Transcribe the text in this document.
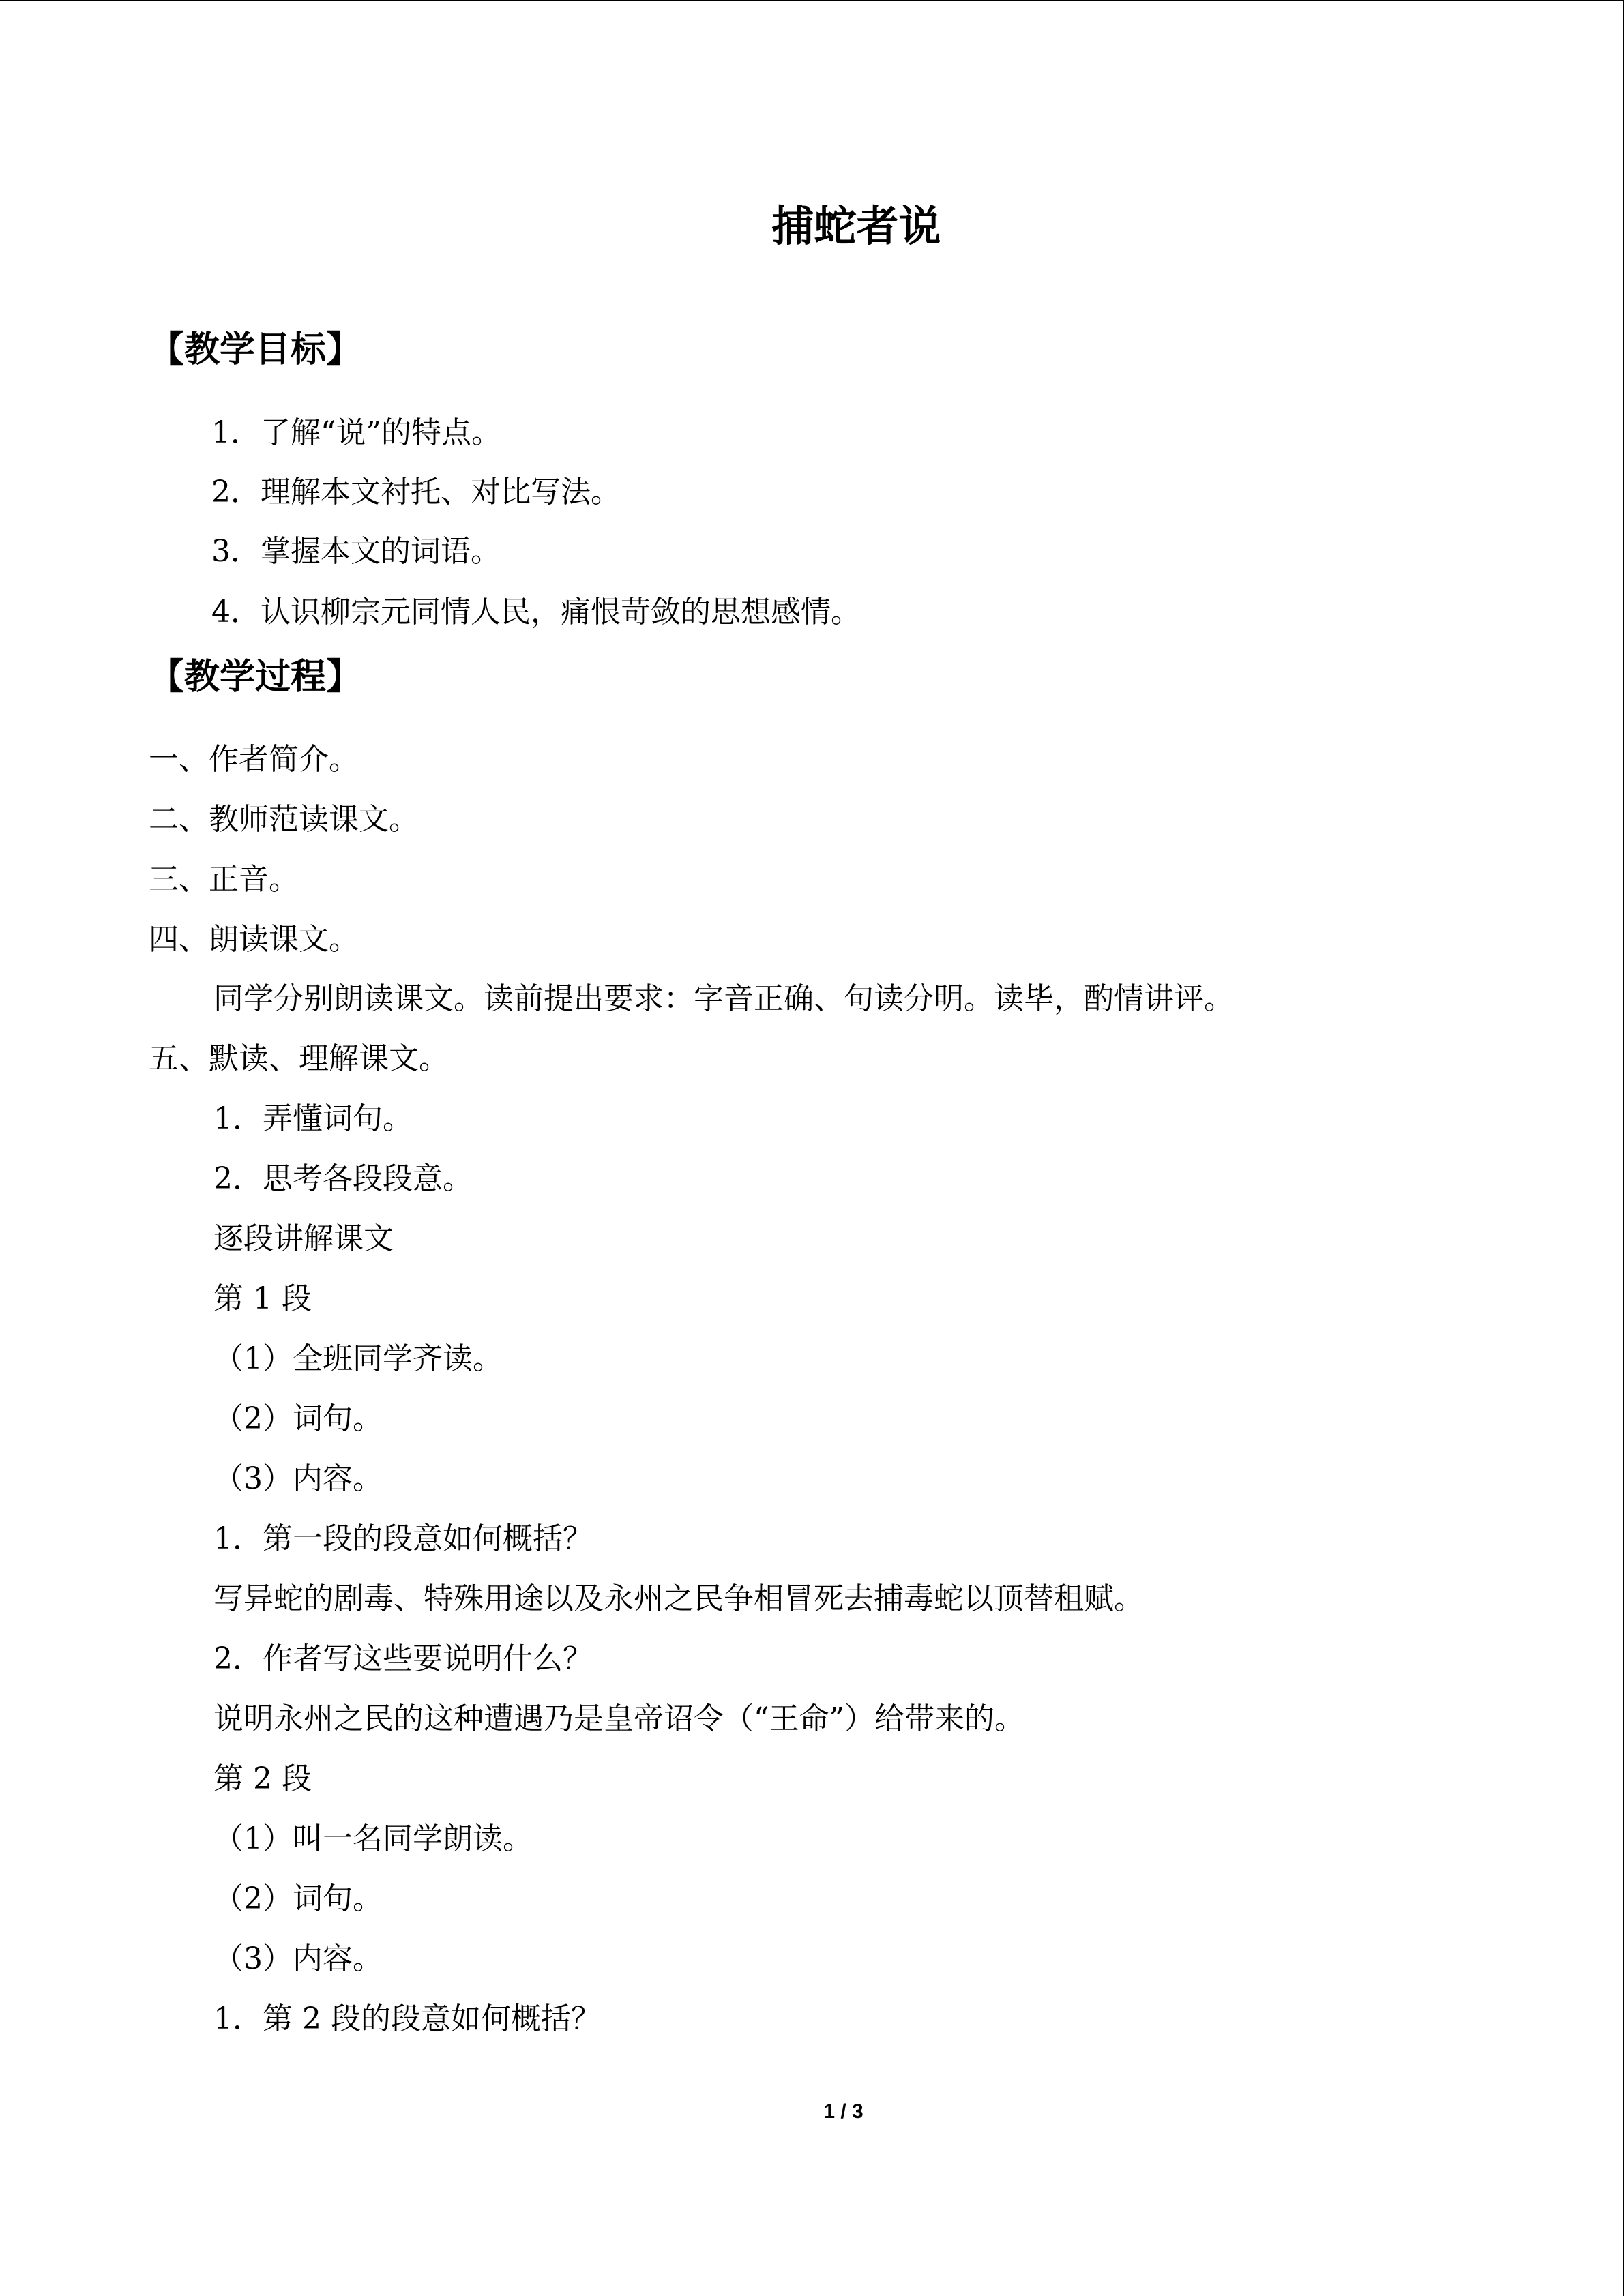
捕蛇者说
【教学目标】
1．了解“说”的特点。
2．理解本文衬托、对比写法。
3．掌握本文的词语。
4．认识柳宗元同情人民，痛恨苛敛的思想感情。
【教学过程】
一、作者简介。
二、教师范读课文。
三、正音。
四、朗读课文。
同学分别朗读课文。读前提出要求：字音正确、句读分明。读毕，酌情讲评。
五、默读、理解课文。
1．弄懂词句。
2．思考各段段意。
逐段讲解课文
第 1 段
（1）全班同学齐读。
（2）词句。
（3）内容。
1．第一段的段意如何概括？
写异蛇的剧毒、特殊用途以及永州之民争相冒死去捕毒蛇以顶替租赋。
2．作者写这些要说明什么？
说明永州之民的这种遭遇乃是皇帝诏令（“王命”）给带来的。
第 2 段
（1）叫一名同学朗读。
（2）词句。
（3）内容。
1．第 2 段的段意如何概括？
1 / 3
